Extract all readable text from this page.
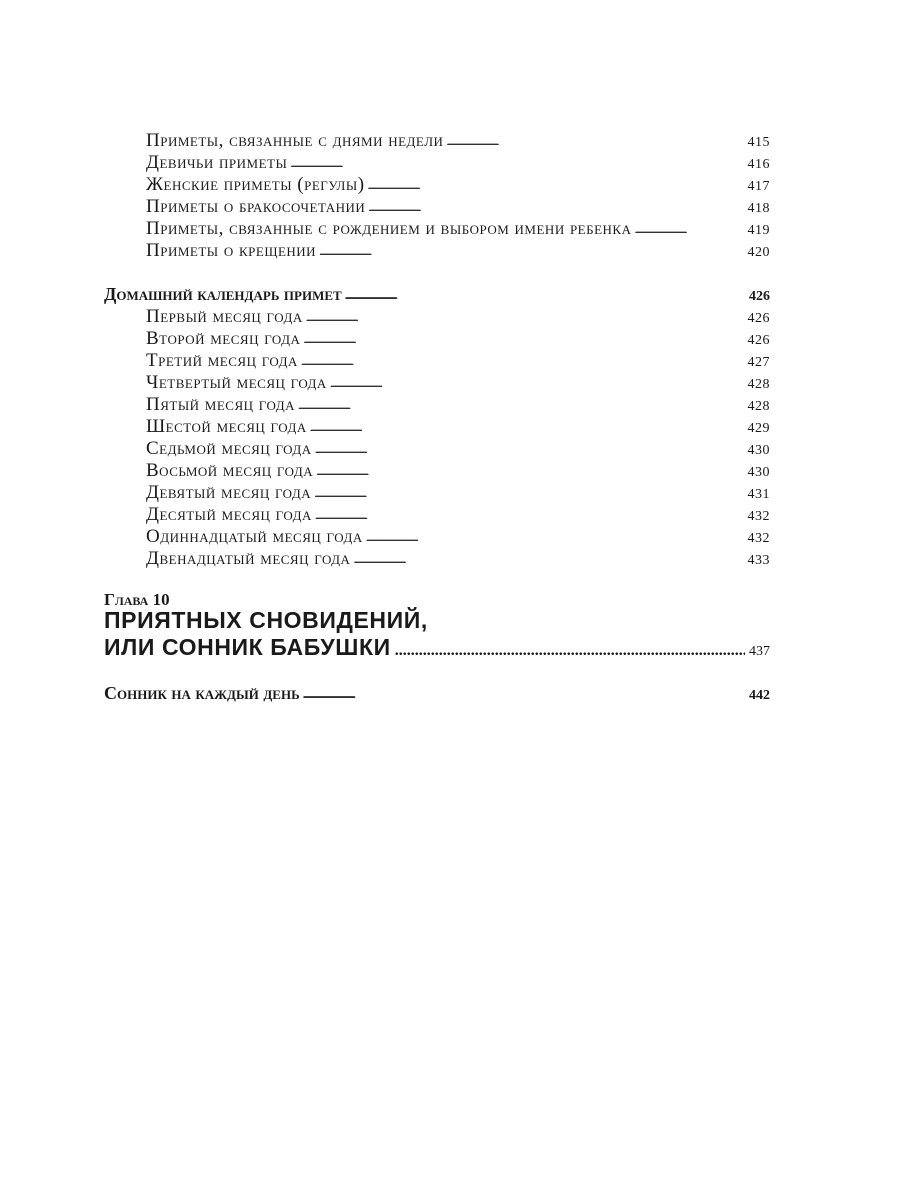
Приметы, связанные с днями недели . . .	415
Девичьи приметы . . .	416
Женские приметы (регулы) . . .	417
Приметы о бракосочетании . . .	418
Приметы, связанные с рождением и выбором имени ребенка . . .	419
Приметы о крещении . . .	420
Домашний календарь примет . . .	426
Первый месяц года . . .	426
Второй месяц года . . .	426
Третий месяц года . . .	427
Четвертый месяц года . . .	428
Пятый месяц года . . .	428
Шестой месяц года . . .	429
Седьмой месяц года . . .	430
Восьмой месяц года . . .	430
Девятый месяц года . . .	431
Десятый месяц года . . .	432
Одиннадцатый месяц года . . .	432
Двенадцатый месяц года . . .	433
Глава 10
ПРИЯТНЫХ СНОВИДЕНИЙ,
ИЛИ СОННИК БАБУШКИ . . .	437
Сонник на каждый день . . .	442
